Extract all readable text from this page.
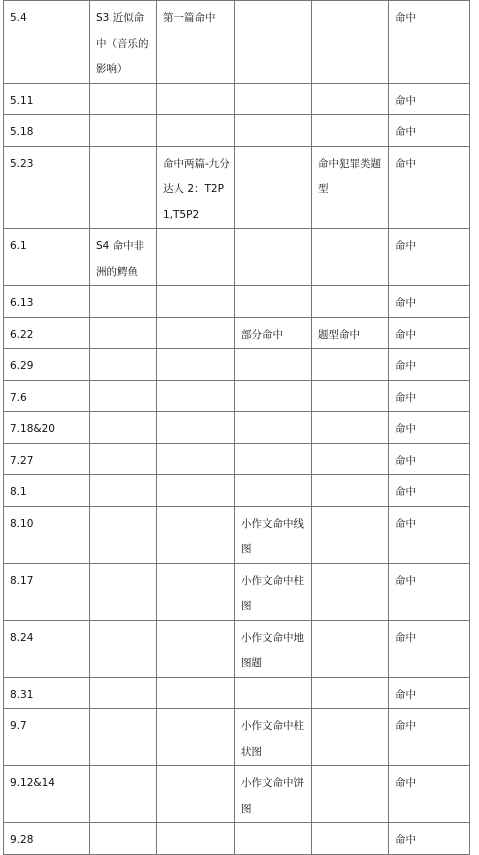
5.4	S3 近似命中（音乐的影响）	第一篇命中			命中
5.11					命中
5.18					命中
5.23		命中两篇-九分达人 2：T2P1,T5P2		命中犯罪类题型	命中
6.1	S4 命中非洲的鳄鱼				命中
6.13					命中
6.22			部分命中	题型命中	命中
6.29					命中
7.6					命中
7.18&20					命中
7.27					命中
8.1					命中
8.10			小作文命中线图		命中
8.17			小作文命中柱图		命中
8.24			小作文命中地图题		命中
8.31					命中
9.7			小作文命中柱状图		命中
9.12&14			小作文命中饼图		命中
9.28					命中
